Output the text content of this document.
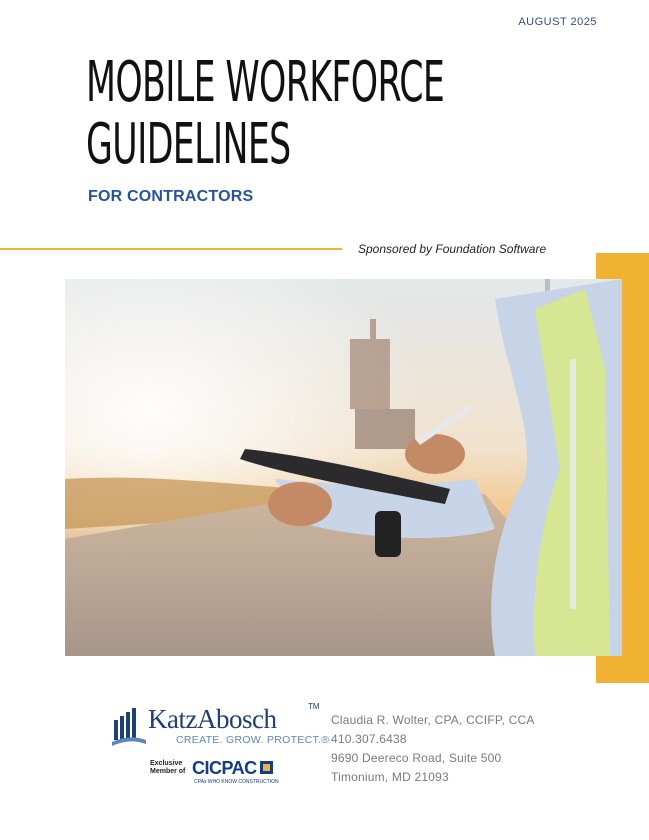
AUGUST 2025
MOBILE WORKFORCE
GUIDELINES
FOR CONTRACTORS
Sponsored by Foundation Software
KatzAbosch	TM
CREATE. GROW. PROTECT.®
Exclusive Member of CICPAC
CPAs WHO KNOW CONSTRUCTION
Claudia R. Wolter, CPA, CCIFP, CCA
410.307.6438
9690 Deereco Road, Suite 500
Timonium, MD 21093
